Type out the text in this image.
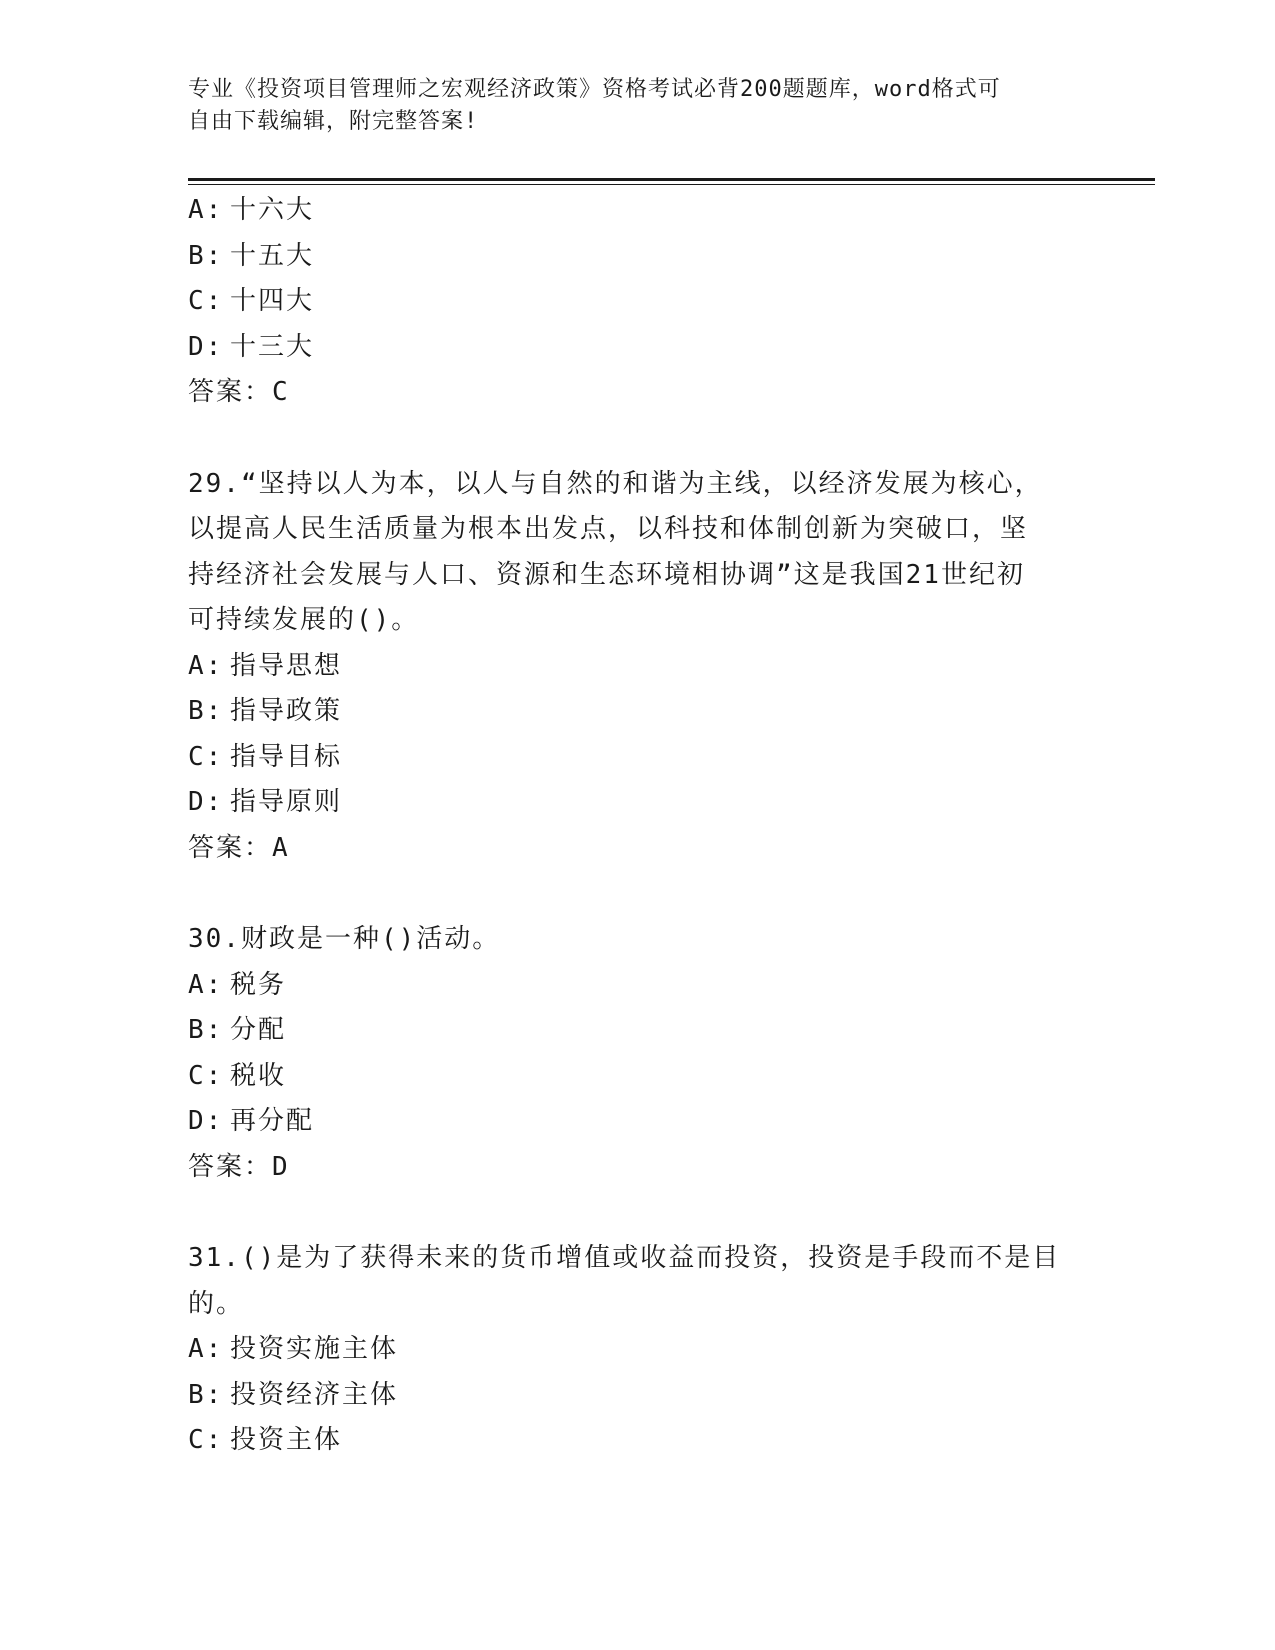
专业《投资项目管理师之宏观经济政策》资格考试必背200题题库，word格式可
自由下载编辑，附完整答案!
A: 十六大
B: 十五大
C: 十四大
D: 十三大
答案：C
29.“坚持以人为本，以人与自然的和谐为主线，以经济发展为核心，
以提高人民生活质量为根本出发点，以科技和体制创新为突破口，坚
持经济社会发展与人口、资源和生态环境相协调”这是我国21世纪初
可持续发展的()。
A: 指导思想
B: 指导政策
C: 指导目标
D: 指导原则
答案：A
30.财政是一种()活动。
A: 税务
B: 分配
C: 税收
D: 再分配
答案：D
31.()是为了获得未来的货币增值或收益而投资，投资是手段而不是目
的。
A: 投资实施主体
B: 投资经济主体
C: 投资主体
